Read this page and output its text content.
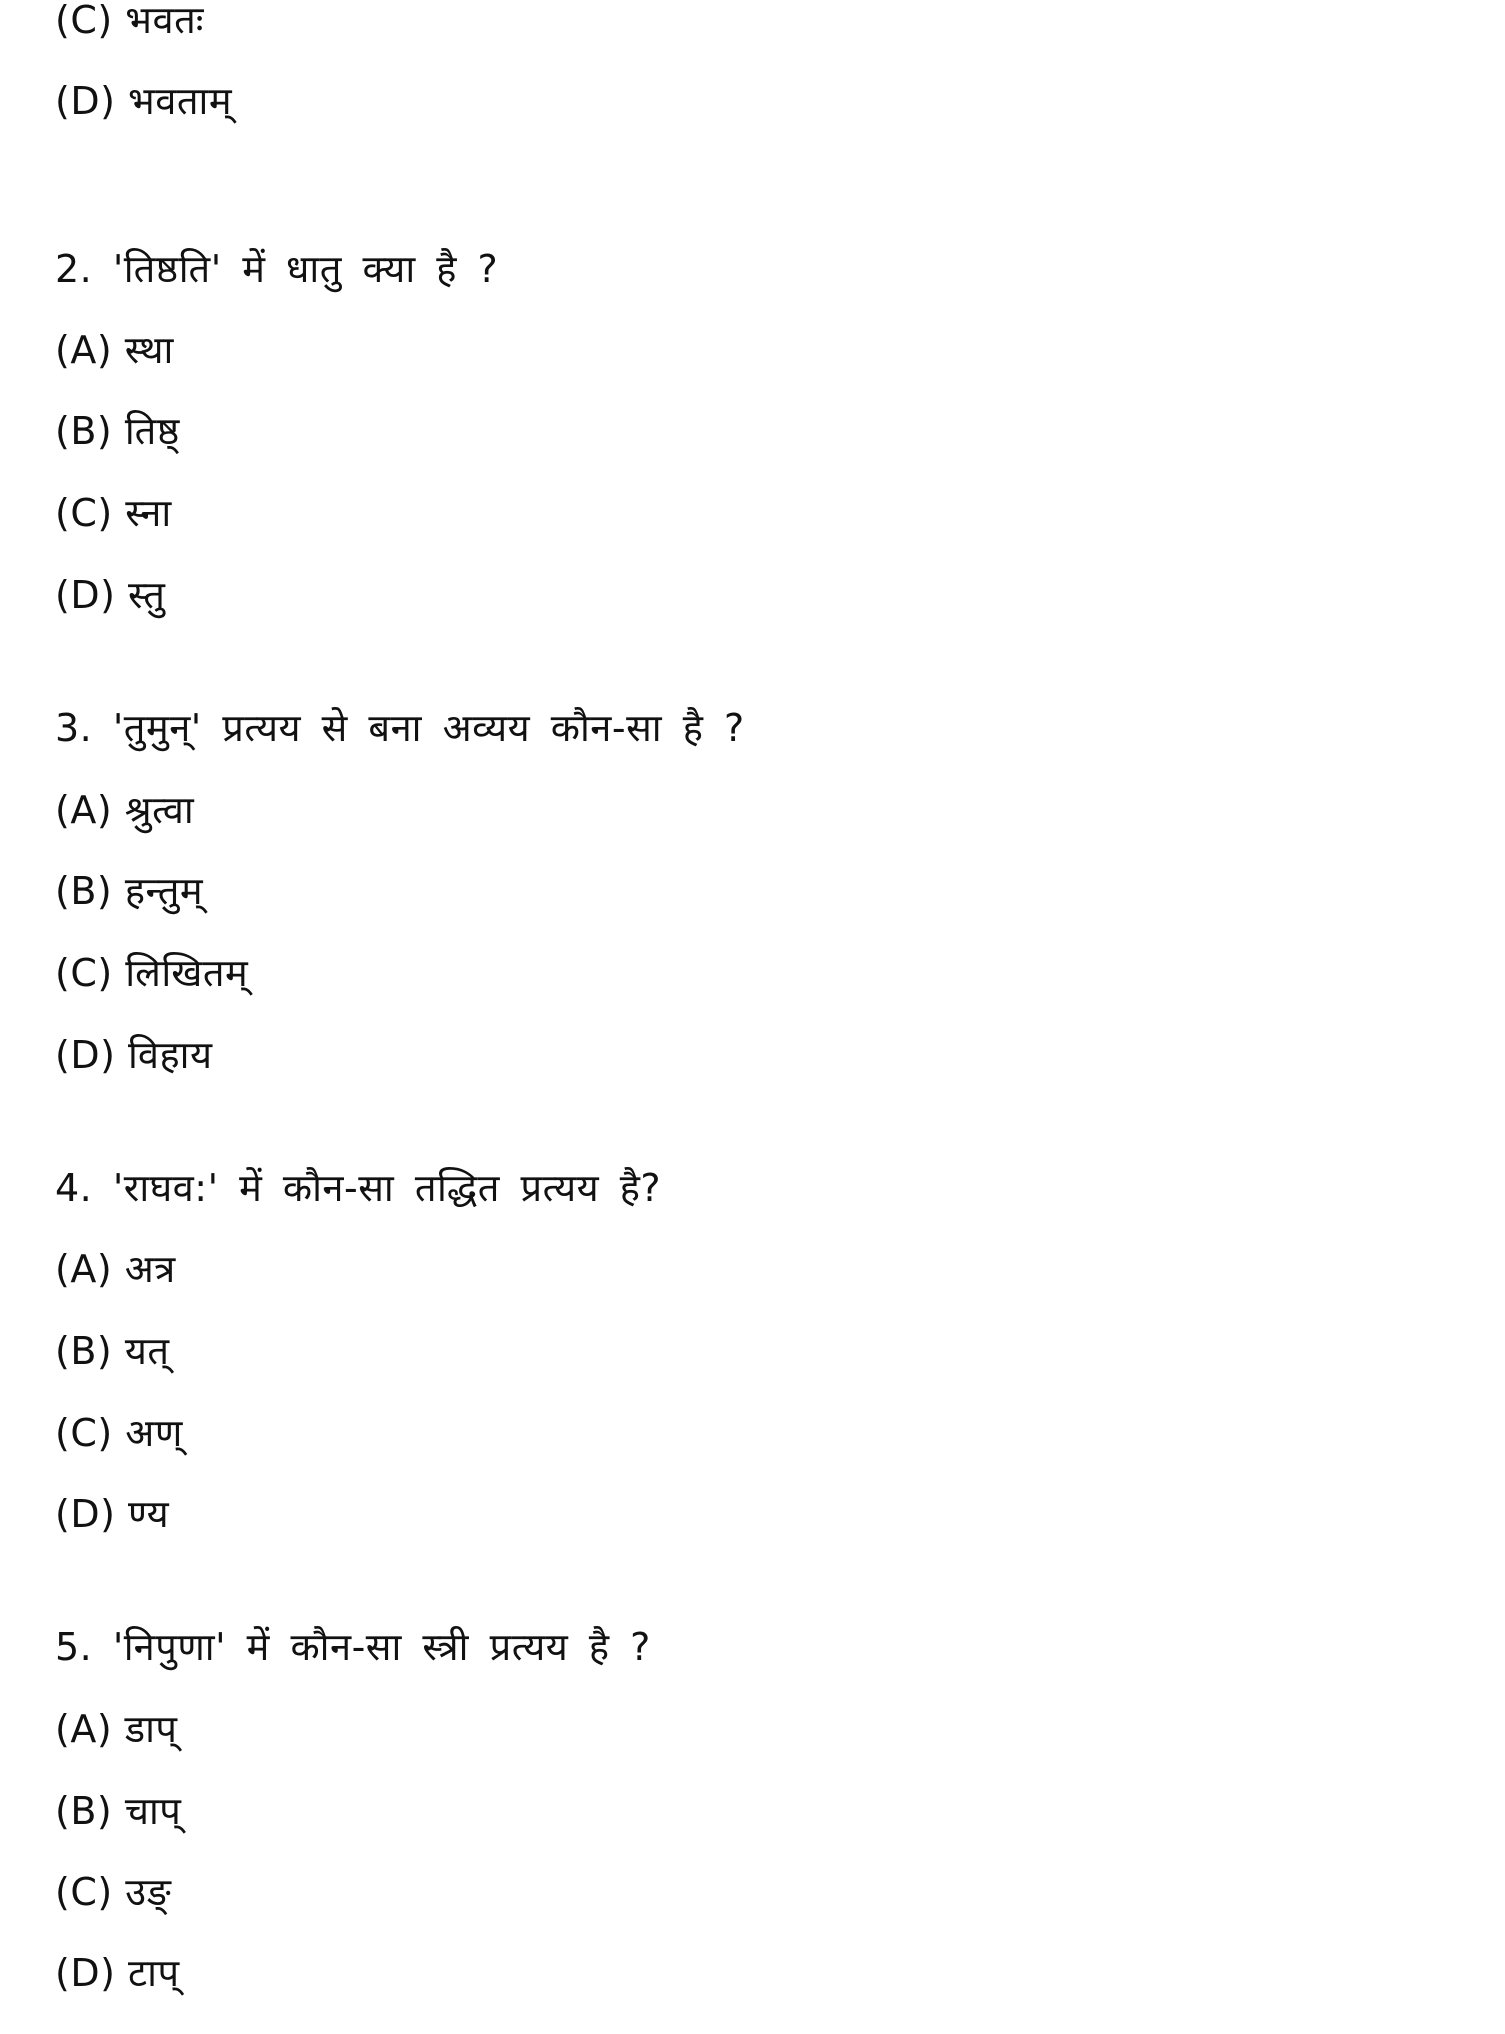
(C) भवतः
(D) भवताम्
2. 'तिष्ठति' में धातु क्या है ?
(A) स्था
(B) तिष्ठ्
(C) स्ना
(D) स्तु
3. 'तुमुन्' प्रत्यय से बना अव्यय कौन-सा है ?
(A) श्रुत्वा
(B) हन्तुम्
(C) लिखितम्
(D) विहाय
4. 'राघव:' में कौन-सा तद्धित प्रत्यय है?
(A) अत्र
(B) यत्
(C) अण्
(D) ण्य
5. 'निपुणा' में कौन-सा स्त्री प्रत्यय है ?
(A) डाप्
(B) चाप्
(C) उङ्
(D) टाप्
